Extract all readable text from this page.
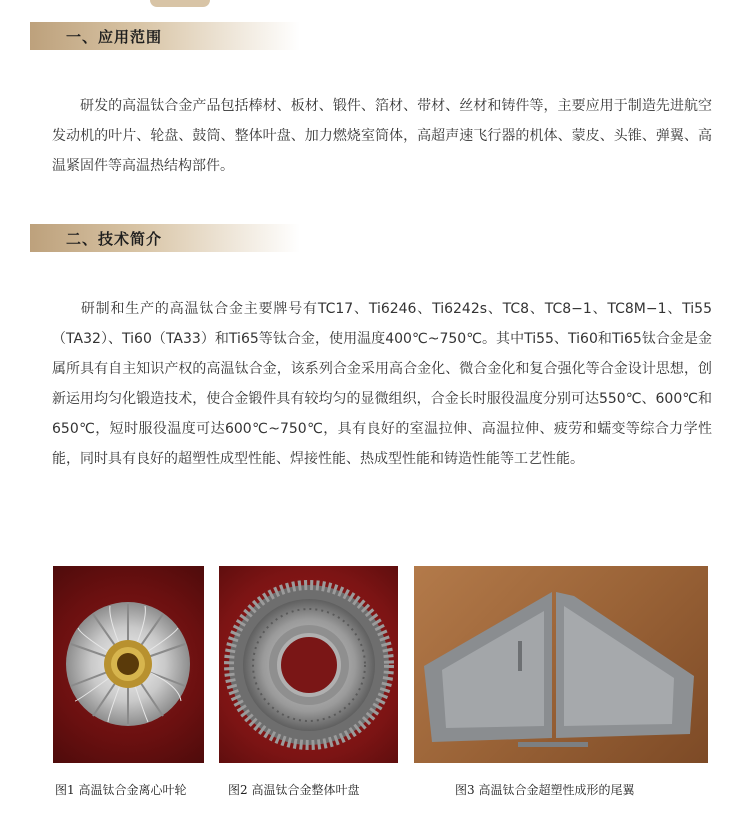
一、应用范围
研发的高温钛合金产品包括棒材、板材、锻件、箔材、带材、丝材和铸件等，主要应用于制造先进航空发动机的叶片、轮盘、鼓筒、整体叶盘、加力燃烧室筒体，高超声速飞行器的机体、蒙皮、头锥、弹翼、高温紧固件等高温热结构部件。
二、技术简介
研制和生产的高温钛合金主要牌号有TC17、Ti6246、Ti6242s、TC8、TC8−1、TC8M−1、Ti55（TA32）、Ti60（TA33）和Ti65等钛合金，使用温度400℃~750℃。其中Ti55、Ti60和Ti65钛合金是金属所具有自主知识产权的高温钛合金，该系列合金采用高合金化、微合金化和复合强化等合金设计思想，创新运用均匀化锻造技术，使合金锻件具有较均匀的显微组织，合金长时服役温度分别可达550℃、600℃和650℃，短时服役温度可达600℃~750℃，具有良好的室温拉伸、高温拉伸、疲劳和蠕变等综合力学性能，同时具有良好的超塑性成型性能、焊接性能、热成型性能和铸造性能等工艺性能。
图1 高温钛合金离心叶轮	图2 高温钛合金整体叶盘	图3 高温钛合金超塑性成形的尾翼
